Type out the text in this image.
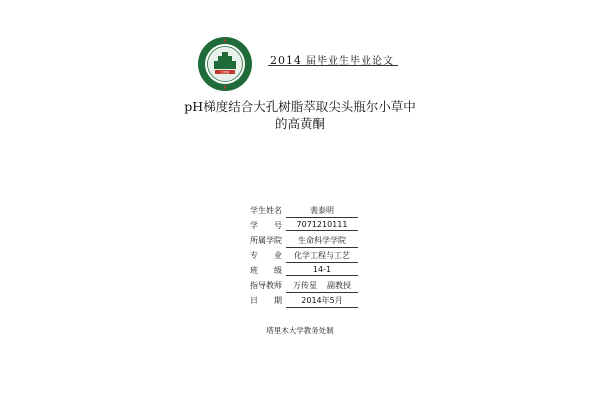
1958
2014 届毕业生毕业论文
pH梯度结合大孔树脂萃取尖头瓶尔小草中
的高黄酮
学生姓名	裴泰明
学　　号	7071210111
所属学院	生命科学学院
专　　业	化学工程与工艺
班　　级	14-1
指导教师	万传星 副教授
日　　期	2014年5月
塔里木大学教务处制
